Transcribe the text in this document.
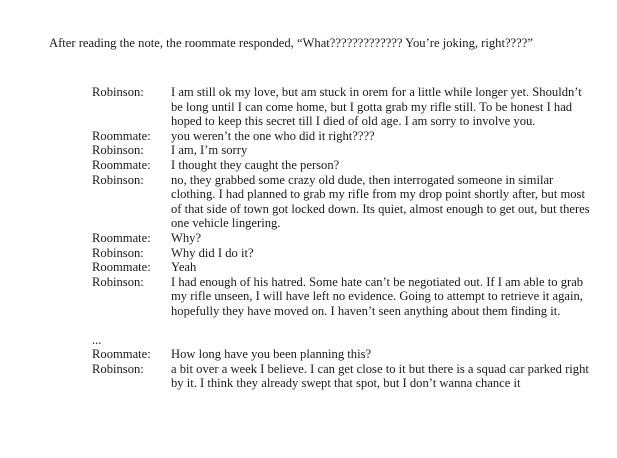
After reading the note, the roommate responded, “What????????????? You’re joking, right????”
Robinson:	I am still ok my love, but am stuck in orem for a little while longer yet. Shouldn’t be long until I can come home, but I gotta grab my rifle still. To be honest I had hoped to keep this secret till I died of old age. I am sorry to involve you.
Roommate:	you weren’t the one who did it right????
Robinson:	I am, I’m sorry
Roommate:	I thought they caught the person?
Robinson:	no, they grabbed some crazy old dude, then interrogated someone in similar clothing. I had planned to grab my rifle from my drop point shortly after, but most of that side of town got locked down. Its quiet, almost enough to get out, but theres one vehicle lingering.
Roommate:	Why?
Robinson:	Why did I do it?
Roommate:	Yeah
Robinson:	I had enough of his hatred. Some hate can’t be negotiated out. If I am able to grab my rifle unseen, I will have left no evidence. Going to attempt to retrieve it again, hopefully they have moved on. I haven’t seen anything about them finding it.
...
Roommate:	How long have you been planning this?
Robinson:	a bit over a week I believe. I can get close to it but there is a squad car parked right by it. I think they already swept that spot, but I don’t wanna chance it
